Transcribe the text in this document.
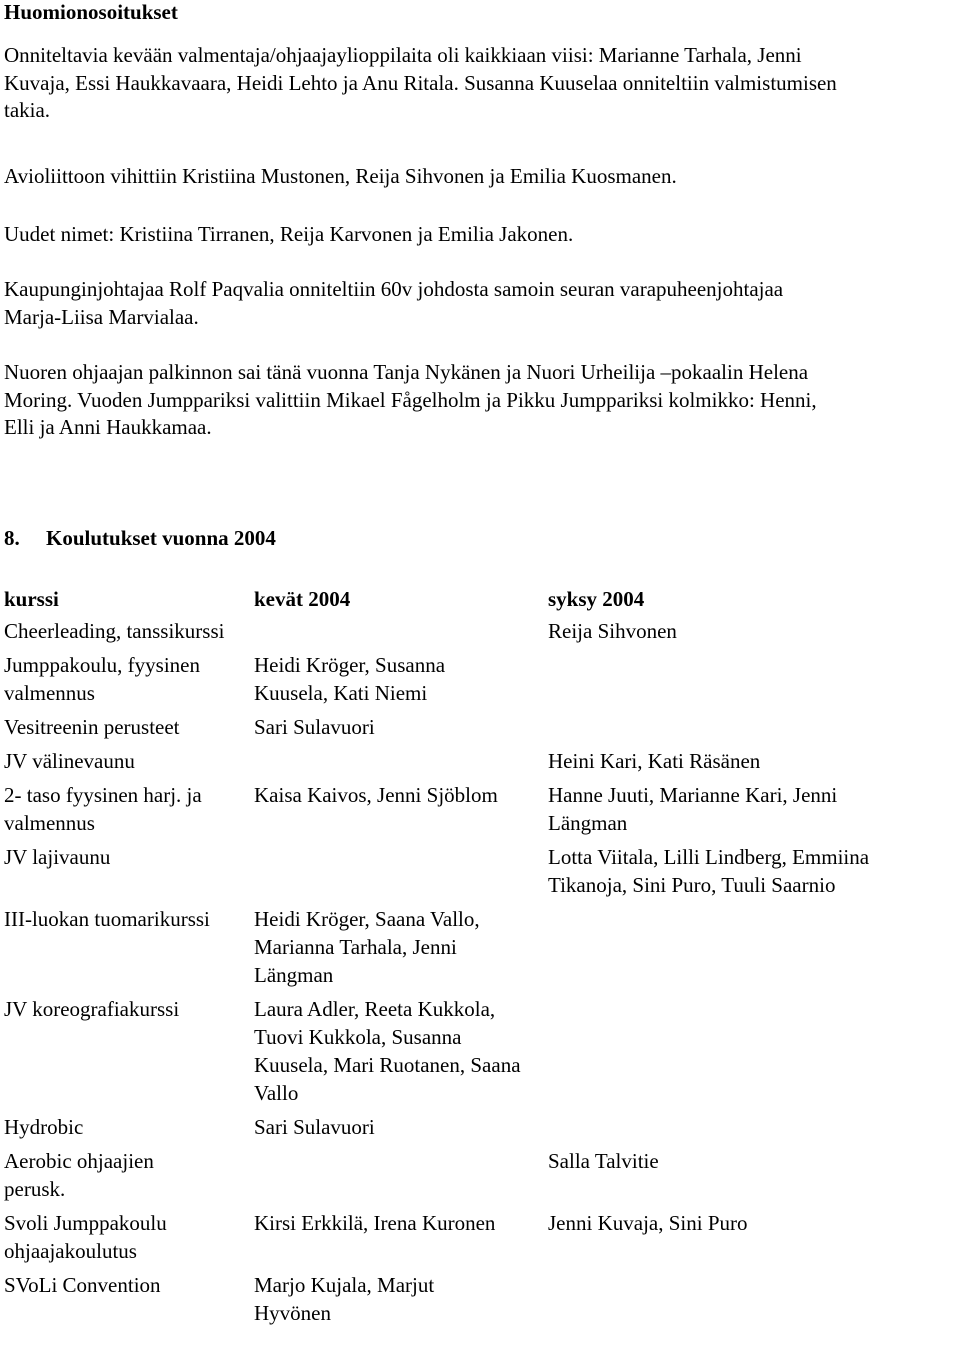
Huomionosoitukset
Onniteltavia kevään valmentaja/ohjaajaylioppilaita oli kaikkiaan viisi: Marianne Tarhala, Jenni
Kuvaja, Essi Haukkavaara, Heidi Lehto ja Anu Ritala. Susanna Kuuselaa onniteltiin valmistumisen
takia.
Avioliittoon vihittiin Kristiina Mustonen, Reija Sihvonen ja Emilia Kuosmanen.
Uudet nimet: Kristiina Tirranen, Reija Karvonen ja Emilia Jakonen.
Kaupunginjohtajaa Rolf Paqvalia onniteltiin 60v johdosta samoin seuran varapuheenjohtajaa
Marja-Liisa Marvialaa.
Nuoren ohjaajan palkinnon sai tänä vuonna Tanja Nykänen ja Nuori Urheilija –pokaalin Helena
Moring. Vuoden Jumppariksi valittiin Mikael Fågelholm ja Pikku Jumppariksi kolmikko: Henni,
Elli ja Anni Haukkamaa.
8. Koulutukset vuonna 2004
kurssi	kevät 2004	syksy 2004
Cheerleading, tanssikurssi		Reija Sihvonen
Jumppakoulu, fyysinen valmennus	Heidi Kröger, Susanna Kuusela, Kati Niemi	
Vesitreenin perusteet	Sari Sulavuori	
JV välinevaunu		Heini Kari, Kati Räsänen
2- taso fyysinen harj. ja valmennus	Kaisa Kaivos, Jenni Sjöblom	Hanne Juuti, Marianne Kari, Jenni Längman
JV lajivaunu		Lotta Viitala, Lilli Lindberg, Emmiina Tikanoja, Sini Puro, Tuuli Saarnio
III-luokan tuomarikurssi	Heidi Kröger, Saana Vallo, Marianna Tarhala, Jenni Längman	
JV koreografiakurssi	Laura Adler, Reeta Kukkola, Tuovi Kukkola, Susanna Kuusela, Mari Ruotanen, Saana Vallo	
Hydrobic	Sari Sulavuori	
Aerobic ohjaajien perusk.		Salla Talvitie
Svoli Jumppakoulu ohjaajakoulutus	Kirsi Erkkilä, Irena Kuronen	Jenni Kuvaja, Sini Puro
SVoLi Convention	Marjo Kujala, Marjut Hyvönen	
